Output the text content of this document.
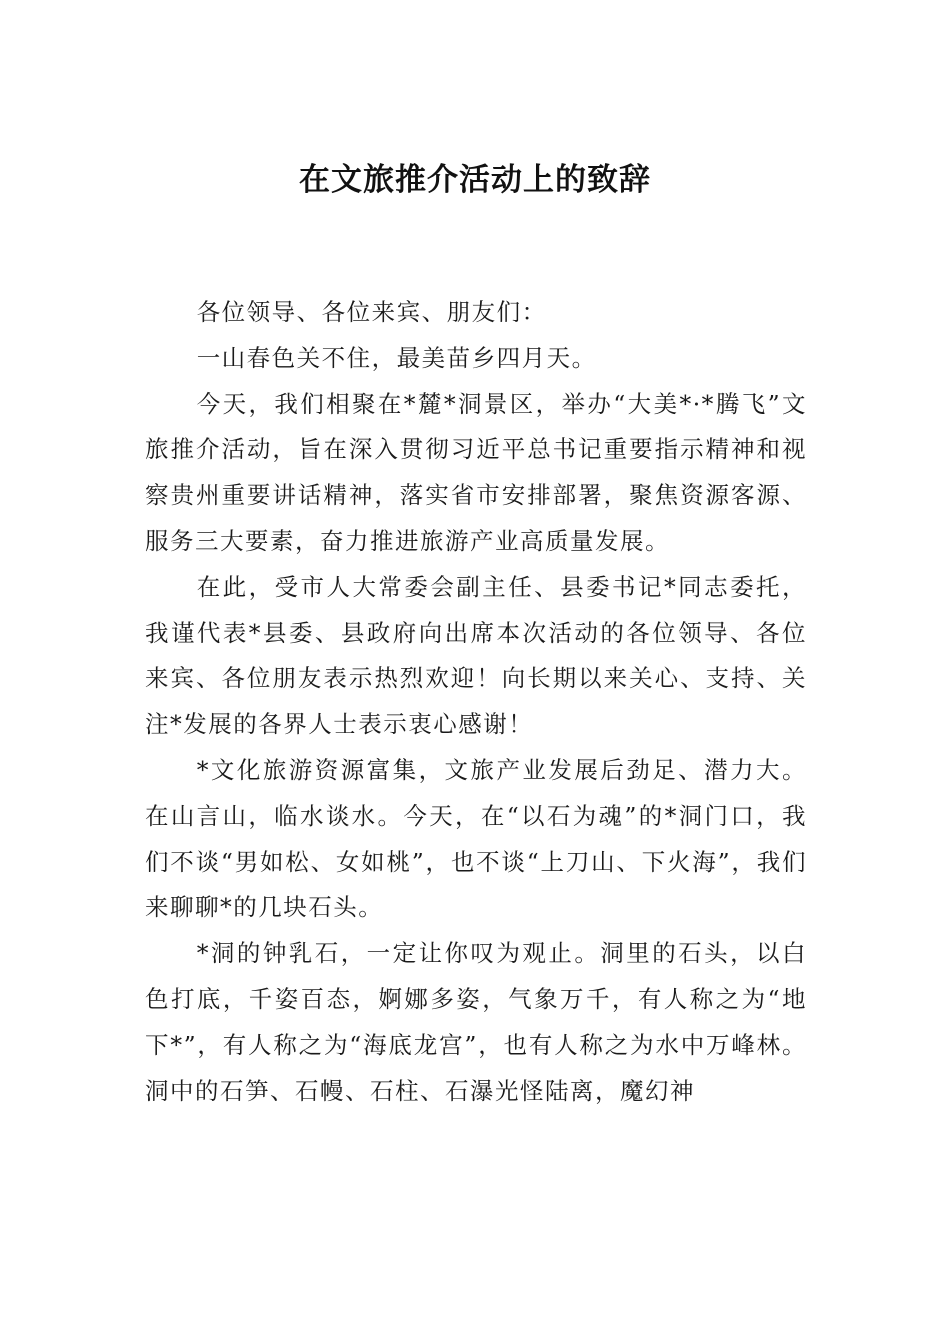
在文旅推介活动上的致辞

各位领导、各位来宾、朋友们：

一山春色关不住，最美苗乡四月天。

今天，我们相聚在*麓*洞景区，举办“大美*·*腾飞”文旅推介活动，旨在深入贯彻习近平总书记重要指示精神和视察贵州重要讲话精神，落实省市安排部署，聚焦资源客源、服务三大要素，奋力推进旅游产业高质量发展。

在此，受市人大常委会副主任、县委书记*同志委托，我谨代表*县委、县政府向出席本次活动的各位领导、各位来宾、各位朋友表示热烈欢迎！向长期以来关心、支持、关注*发展的各界人士表示衷心感谢！

*文化旅游资源富集，文旅产业发展后劲足、潜力大。在山言山，临水谈水。今天，在“以石为魂”的*洞门口，我们不谈“男如松、女如桃”，也不谈“上刀山、下火海”，我们来聊聊*的几块石头。

*洞的钟乳石，一定让你叹为观止。洞里的石头，以白色打底，千姿百态，婀娜多姿，气象万千，有人称之为“地下*”，有人称之为“海底龙宫”，也有人称之为水中万峰林。洞中的石笋、石幔、石柱、石瀑光怪陆离，魔幻神
